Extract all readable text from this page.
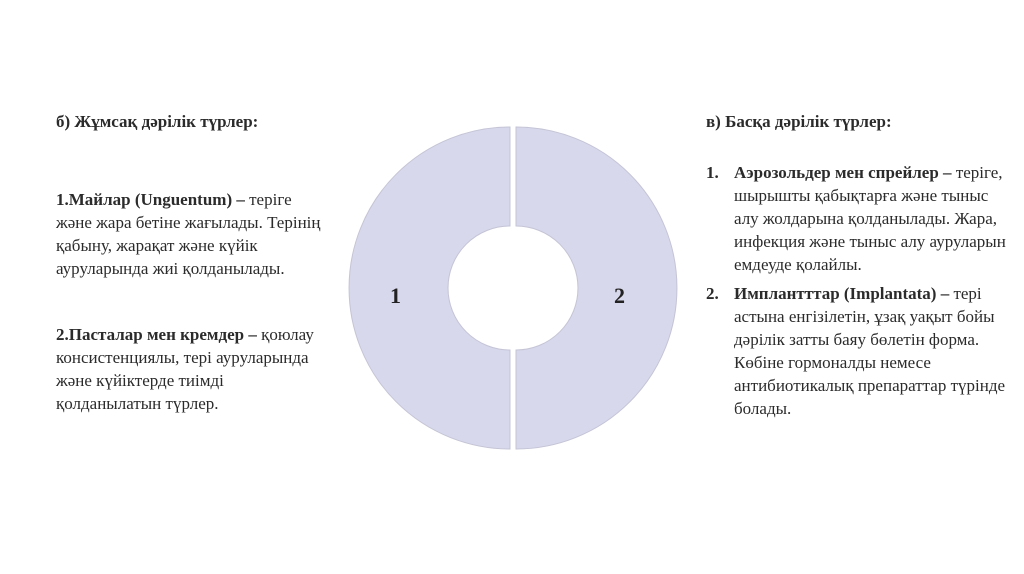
б) Жұмсақ дәрілік түрлер:
1.Майлар (Unguentum) – теріге және жара бетіне жағылады. Терінің қабыну, жарақат және күйік ауруларында жиі қолданылады.
2.Пасталар мен кремдер – қоюлау консистенциялы, тері ауруларында және күйіктерде тиімді қолданылатын түрлер.
1	2
в) Басқа дәрілік түрлер:
1. Аэрозольдер мен спрейлер – теріге, шырышты қабықтарға және тыныс алу жолдарына қолданылады. Жара, инфекция және тыныс алу ауруларын емдеуде қолайлы.
2. Имплантттар (Implantata) – тері астына енгізілетін, ұзақ уақыт бойы дәрілік затты баяу бөлетін форма. Көбіне гормоналды немесе антибиотикалық препараттар түрінде болады.
